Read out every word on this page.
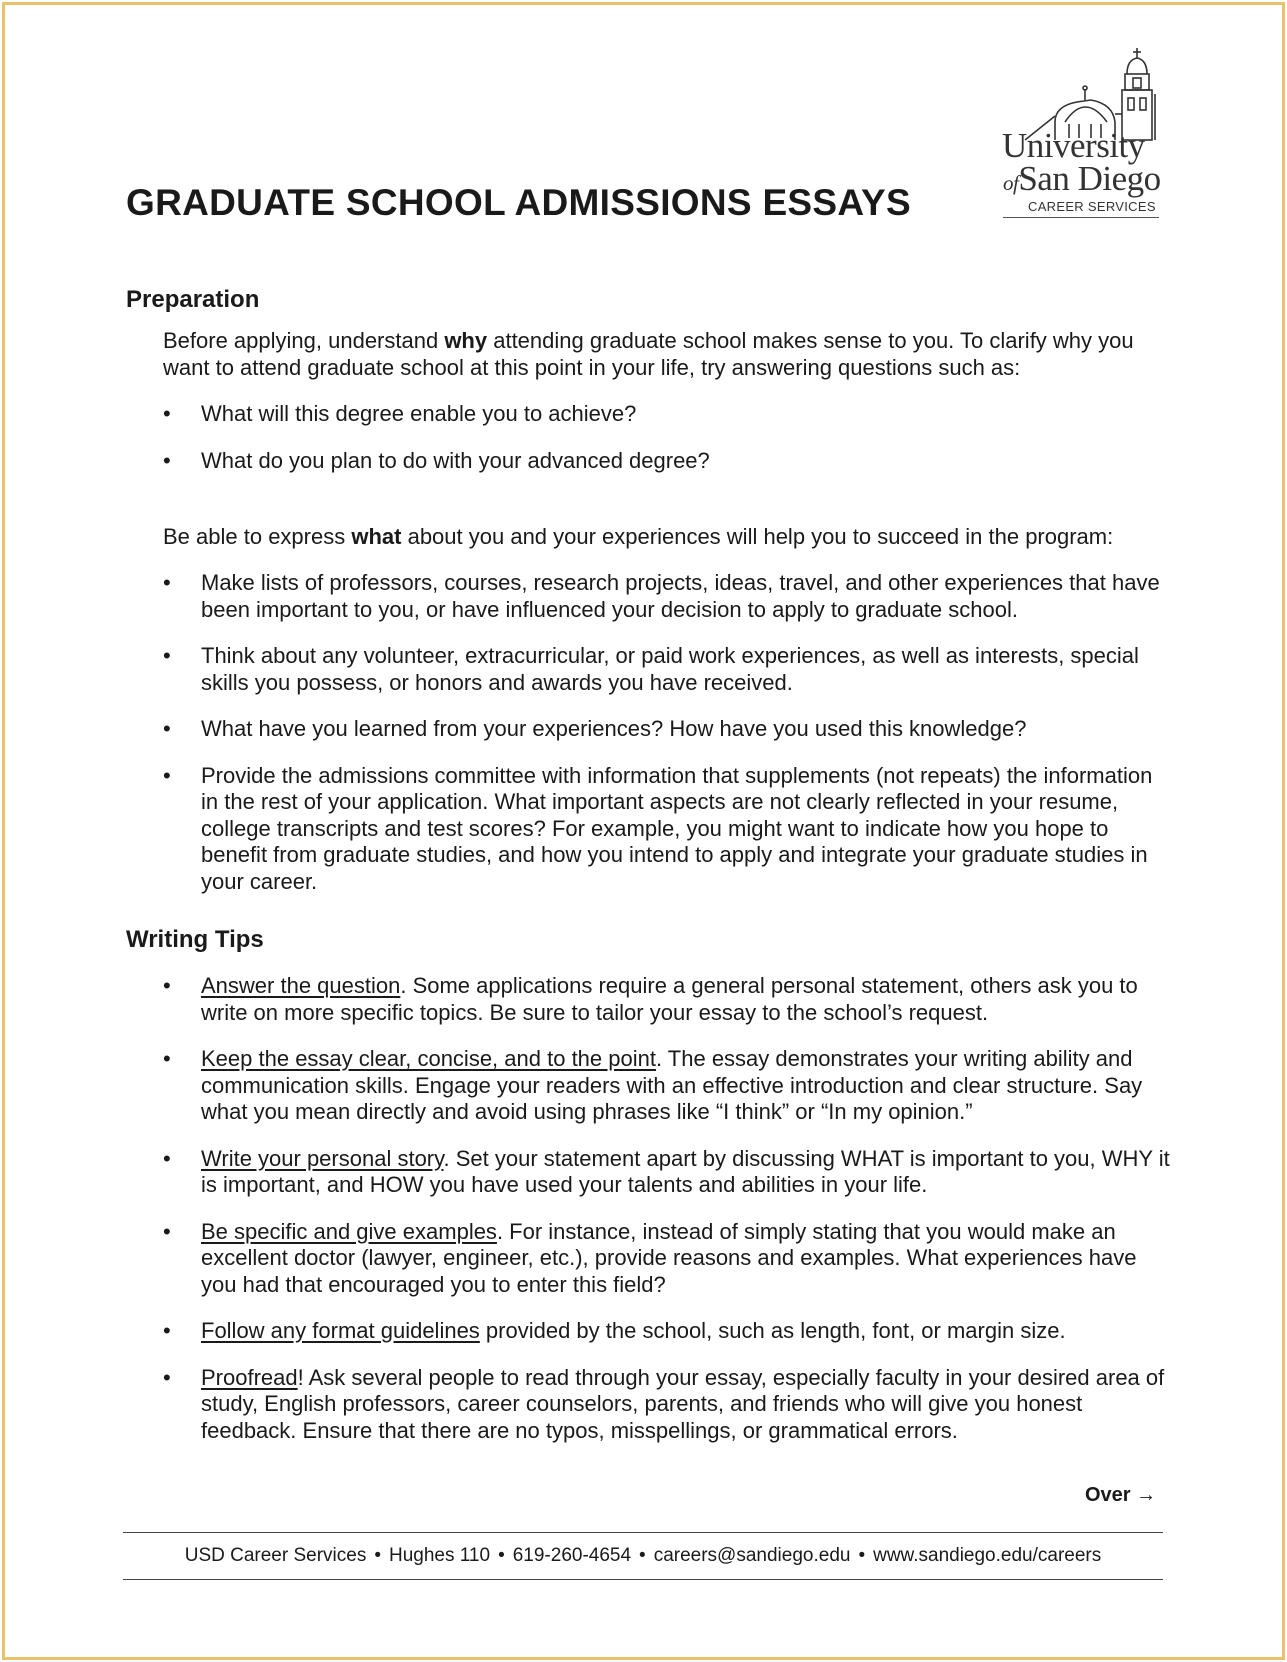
University
ofSan Diego
CAREER SERVICES
GRADUATE SCHOOL ADMISSIONS ESSAYS
Preparation

Before applying, understand why attending graduate school makes sense to you. To clarify why you want to attend graduate school at this point in your life, try answering questions such as:

•	What will this degree enable you to achieve?
•	What do you plan to do with your advanced degree?

Be able to express what about you and your experiences will help you to succeed in the program:

•	Make lists of professors, courses, research projects, ideas, travel, and other experiences that have been important to you, or have influenced your decision to apply to graduate school.
•	Think about any volunteer, extracurricular, or paid work experiences, as well as interests, special skills you possess, or honors and awards you have received.
•	What have you learned from your experiences? How have you used this knowledge?
•	Provide the admissions committee with information that supplements (not repeats) the information in the rest of your application. What important aspects are not clearly reflected in your resume, college transcripts and test scores? For example, you might want to indicate how you hope to benefit from graduate studies, and how you intend to apply and integrate your graduate studies in your career.
Writing Tips
•	Answer the question. Some applications require a general personal statement, others ask you to write on more specific topics. Be sure to tailor your essay to the school’s request.
•	Keep the essay clear, concise, and to the point. The essay demonstrates your writing ability and communication skills. Engage your readers with an effective introduction and clear structure. Say what you mean directly and avoid using phrases like “I think” or “In my opinion.”
•	Write your personal story. Set your statement apart by discussing WHAT is important to you, WHY it is important, and HOW you have used your talents and abilities in your life.
•	Be specific and give examples. For instance, instead of simply stating that you would make an excellent doctor (lawyer, engineer, etc.), provide reasons and examples. What experiences have you had that encouraged you to enter this field?
•	Follow any format guidelines provided by the school, such as length, font, or margin size.
•	Proofread! Ask several people to read through your essay, especially faculty in your desired area of study, English professors, career counselors, parents, and friends who will give you honest feedback. Ensure that there are no typos, misspellings, or grammatical errors.
Over →
USD Career Services • Hughes 110 • 619-260-4654 • careers@sandiego.edu • www.sandiego.edu/careers
